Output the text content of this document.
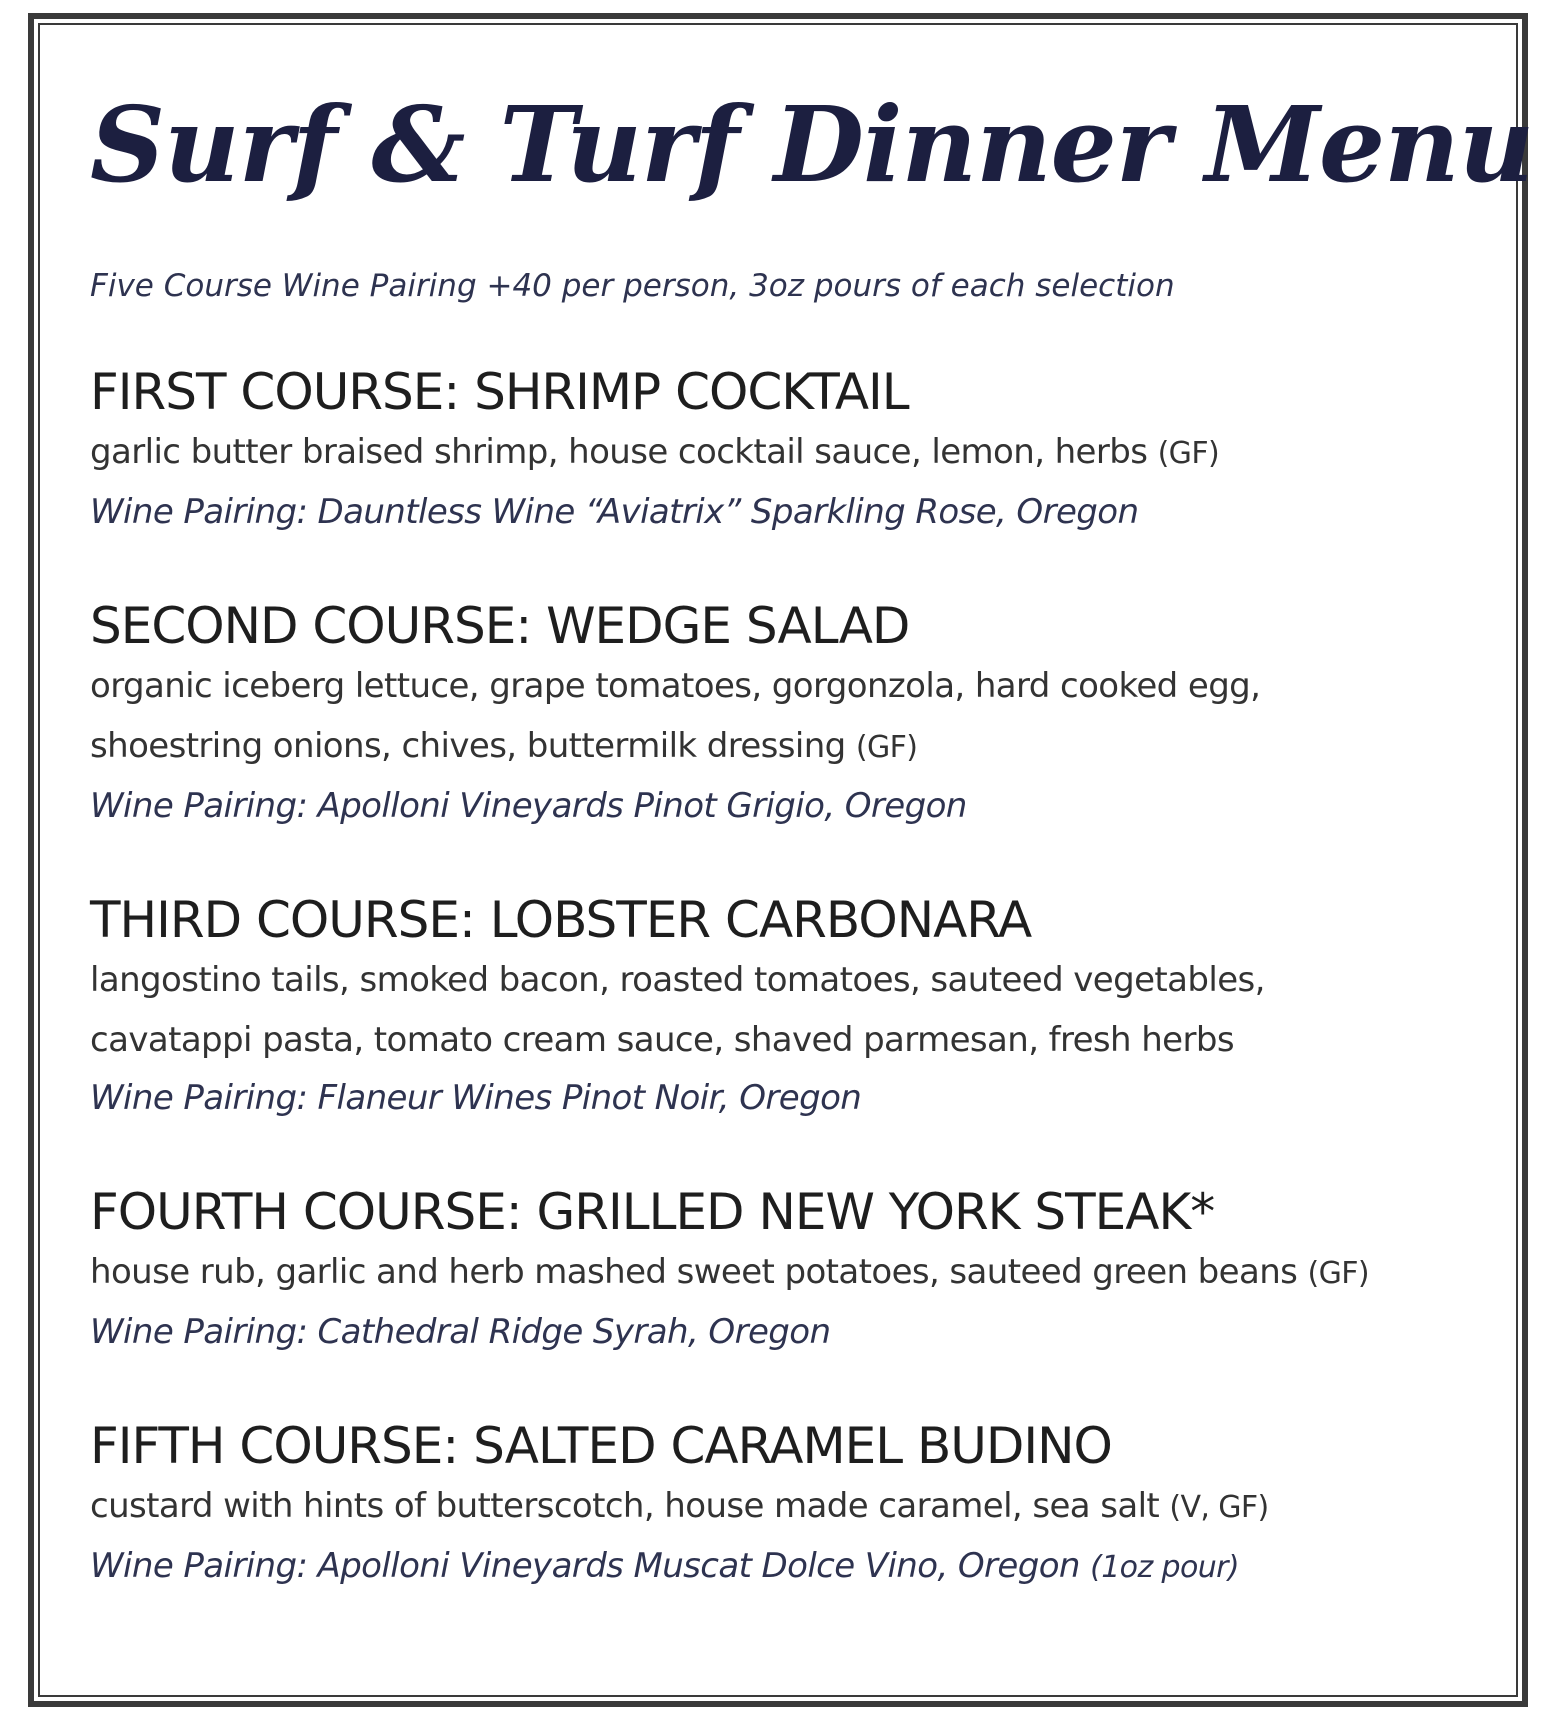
Surf & Turf Dinner Menu
Five Course Wine Pairing +40 per person, 3oz pours of each selection
FIRST COURSE: SHRIMP COCKTAIL
garlic butter braised shrimp, house cocktail sauce, lemon, herbs (GF)
Wine Pairing: Dauntless Wine “Aviatrix” Sparkling Rose, Oregon
SECOND COURSE: WEDGE SALAD
organic iceberg lettuce, grape tomatoes, gorgonzola, hard cooked egg,
shoestring onions, chives, buttermilk dressing (GF)
Wine Pairing: Apolloni Vineyards Pinot Grigio, Oregon
THIRD COURSE: LOBSTER CARBONARA
langostino tails, smoked bacon, roasted tomatoes, sauteed vegetables,
cavatappi pasta, tomato cream sauce, shaved parmesan, fresh herbs
Wine Pairing: Flaneur Wines Pinot Noir, Oregon
FOURTH COURSE: GRILLED NEW YORK STEAK*
house rub, garlic and herb mashed sweet potatoes, sauteed green beans (GF)
Wine Pairing: Cathedral Ridge Syrah, Oregon
FIFTH COURSE: SALTED CARAMEL BUDINO
custard with hints of butterscotch, house made caramel, sea salt (V, GF)
Wine Pairing: Apolloni Vineyards Muscat Dolce Vino, Oregon (1oz pour)
